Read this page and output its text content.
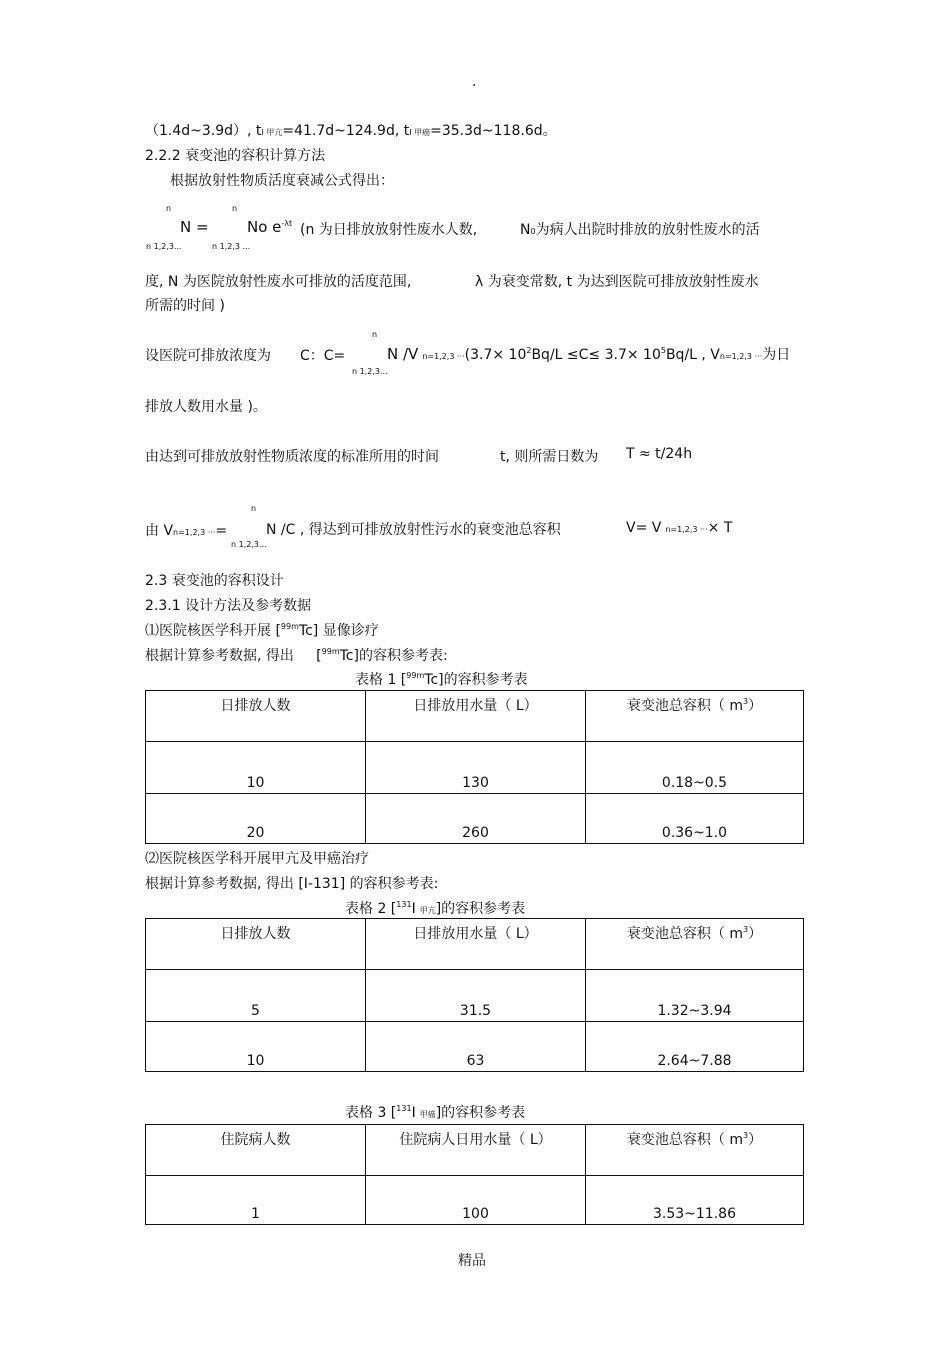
.
（1.4d~3.9d）, tI 甲亢=41.7d~124.9d, tI 甲癌=35.3d~118.6d。
2.2.2 衰变池的容积计算方法
根据放射性物质活度衰减公式得出：
n
N =
n 1,2,3...
n
No $e^{-\lambda t}$
n 1,2,3 ...
(n 为日排放放射性废水人数,	N0为病人出院时排放的放射性废水的活
度, N 为医院放射性废水可排放的活度范围,	λ 为衰变常数, t 为达到医院可排放放射性废水
所需的时间 )
设医院可排放浓度为 C：C=
n
n 1,2,3...
N /V $n=1,2,3 \cdot\cdot\cdot(3.7\times 10^2Bq/L \le C\le 3.7\times 10^5Bq/L$ , Vn=1,2,3 ···为日
排放人数用水量 )。
由达到可排放放射性物质浓度的标准所用的时间	t, 则所需日数为 T ≈ t/24h
由 Vn=1,2,3 ···=
n
n 1,2,3...
N /C , 得达到可排放放射性污水的衰变池总容积	V= V n=1,2,3 ···× T
2.3 衰变池的容积设计
2.3.1 设计方法及参考数据
⑴医院核医学科开展 [$^{99m}$Tc] 显像诊疗
根据计算参考数据, 得出 [$^{99m}$Tc]的容积参考表:
表格 1 [$^{99m}$Tc]的容积参考表
日排放人数	日排放用水量（ L）	衰变池总容积（ $m^3$）
10	130	0.18~0.5
20	260	0.36~1.0
⑵医院核医学科开展甲亢及甲癌治疗
根据计算参考数据, 得出 [I-131] 的容积参考表:
表格 2 [$^{131}$I 甲亢]的容积参考表
日排放人数	日排放用水量（ L）	衰变池总容积（ $m^3$）
5	31.5	1.32~3.94
10	63	2.64~7.88
表格 3 [$^{131}$I 甲癌]的容积参考表
住院病人数	住院病人日用水量（ L）	衰变池总容积（ $m^3$）
1	100	3.53~11.86
精品
